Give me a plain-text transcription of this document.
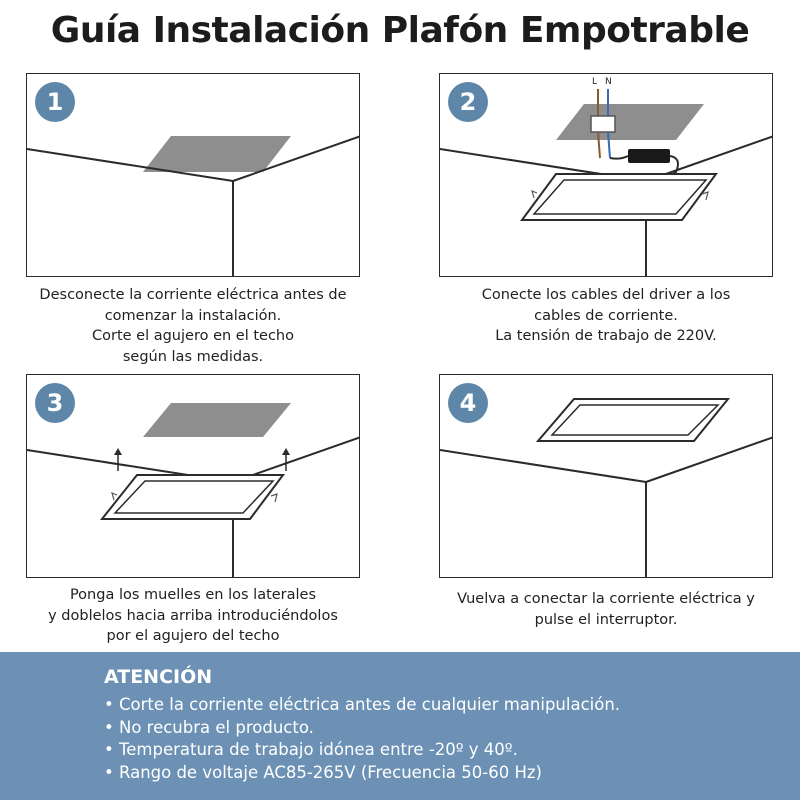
Guía Instalación Plafón Empotrable
1
Desconecte la corriente eléctrica antes de
comenzar la instalación.
Corte el agujero en el techo
según las medidas.
2
L N
Conecte los cables del driver a los
cables de corriente.
La tensión de trabajo de 220V.
3
Ponga los muelles en los laterales
y doblelos hacia arriba introduciéndolos
por el agujero del techo
4
Vuelva a conectar la corriente eléctrica y
pulse el interruptor.
ATENCIÓN
• Corte la corriente eléctrica antes de cualquier manipulación.
• No recubra el producto.
• Temperatura de trabajo idónea entre -20º y 40º.
• Rango de voltaje AC85-265V (Frecuencia 50-60 Hz)
